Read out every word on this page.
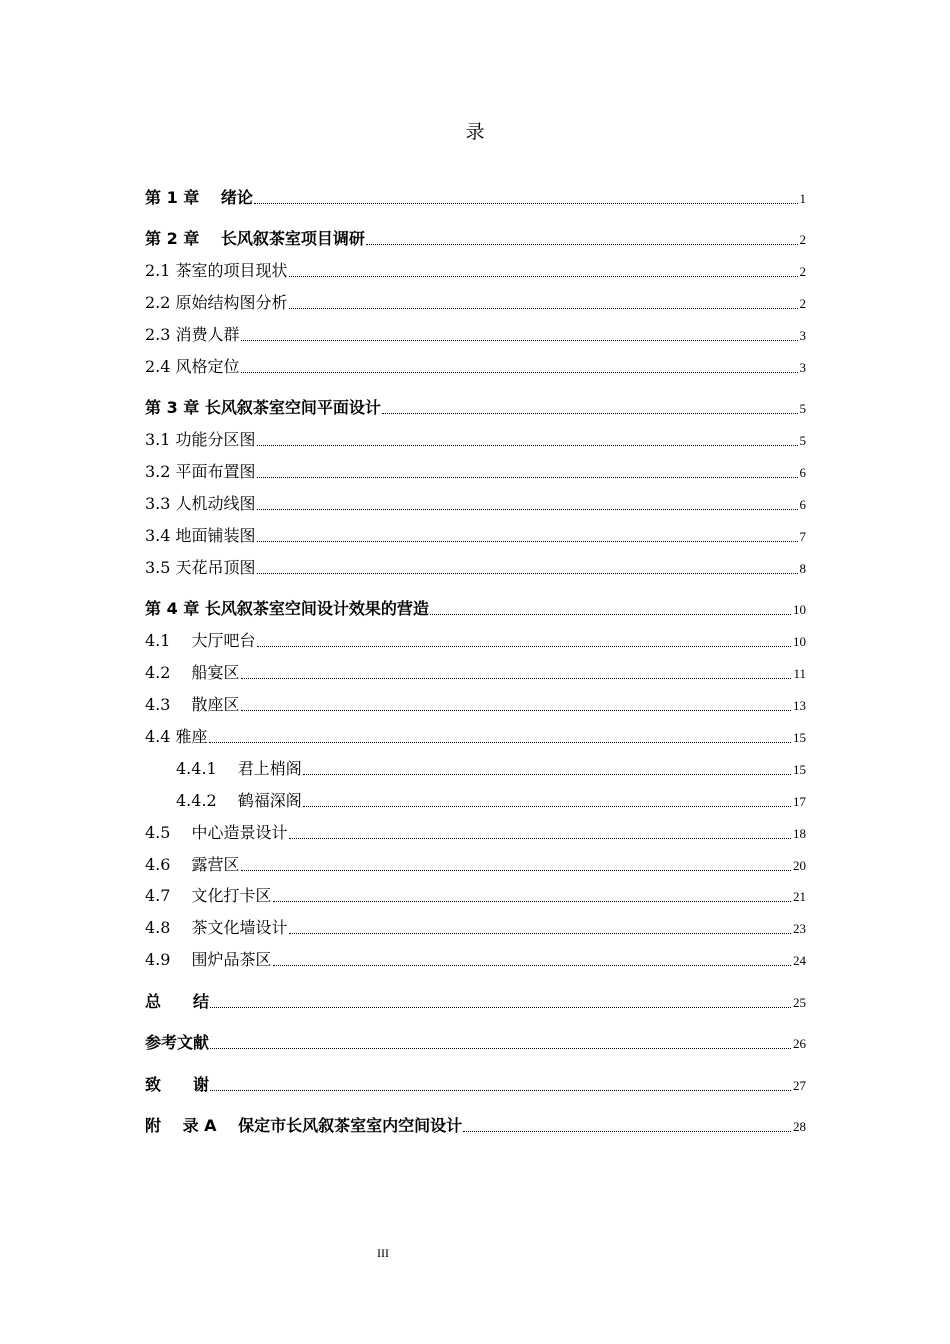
录
第 1 章　 绪论	1
第 2 章　 长风叙茶室项目调研	2
2.1 茶室的项目现状	2
2.2 原始结构图分析	2
2.3 消费人群	3
2.4 风格定位	3
第 3 章 长风叙茶室空间平面设计	5
3.1 功能分区图	5
3.2 平面布置图	6
3.3 人机动线图	6
3.4 地面铺装图	7
3.5 天花吊顶图	8
第 4 章 长风叙茶室空间设计效果的营造	10
4.1　 大厅吧台	10
4.2　 船宴区	11
4.3　 散座区	13
4.4 雅座	15
4.4.1　 君上梢阁	15
4.4.2　 鹤福深阁	17
4.5　 中心造景设计	18
4.6　 露营区	20
4.7　 文化打卡区	21
4.8　 茶文化墙设计	23
4.9　 围炉品茶区	24
总　　结	25
参考文献	26
致　　谢	27
附　 录 A　 保定市长风叙茶室室内空间设计	28
III
